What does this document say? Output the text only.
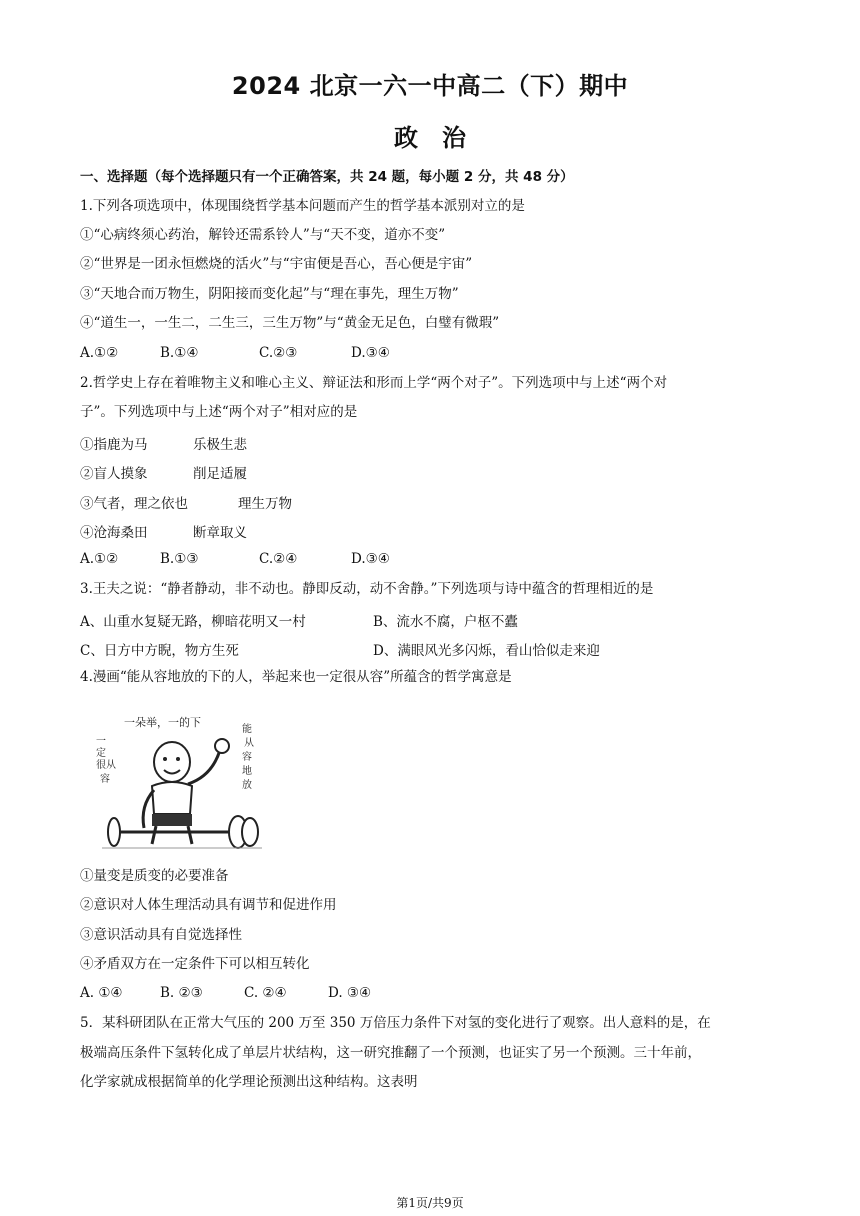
2024 北京一六一中高二（下）期中
政　治
一、选择题（每个选择题只有一个正确答案，共 24 题，每小题 2 分，共 48 分）
1.下列各项选项中，体现围绕哲学基本问题而产生的哲学基本派别对立的是
①“心病终须心药治，解铃还需系铃人”与“天不变，道亦不变”
②“世界是一团永恒燃烧的活火”与“宇宙便是吾心，吾心便是宇宙”
③“天地合而万物生，阴阳接而变化起”与“理在事先，理生万物”
④“道生一，一生二，二生三，三生万物”与“黄金无足色，白璧有微瑕”
A.①②	B.①④	C.②③	D.③④
2.哲学史上存在着唯物主义和唯心主义、辩证法和形而上学“两个对子”。下列选项中与上述“两个对
子”。下列选项中与上述“两个对子”相对应的是
①指鹿为马	乐极生悲
②盲人摸象	削足适履
③气者，理之依也	理生万物
④沧海桑田	断章取义
A.①②	B.①③	C.②④	D.③④
3.王夫之说：“静者静动，非不动也。静即反动，动不舍静。”下列选项与诗中蕴含的哲理相近的是
A、山重水复疑无路，柳暗花明又一村	B、流水不腐，户枢不蠹
C、日方中方睨，物方生死	D、满眼风光多闪烁，看山恰似走来迎
4.漫画“能从容地放的下的人，举起来也一定很从容”所蕴含的哲学寓意是
一朵举，一的下
一
定
很 从
容
能
从
容
地
放
①量变是质变的必要准备
②意识对人体生理活动具有调节和促进作用
③意识活动具有自觉选择性
④矛盾双方在一定条件下可以相互转化
A. ①④	B. ②③	C. ②④	D. ③④
5．某科研团队在正常大气压的 200 万至 350 万倍压力条件下对氢的变化进行了观察。出人意料的是，在
极端高压条件下氢转化成了单层片状结构，这一研究推翻了一个预测，也证实了另一个预测。三十年前，
化学家就成根据简单的化学理论预测出这种结构。这表明
第1页/共9页
